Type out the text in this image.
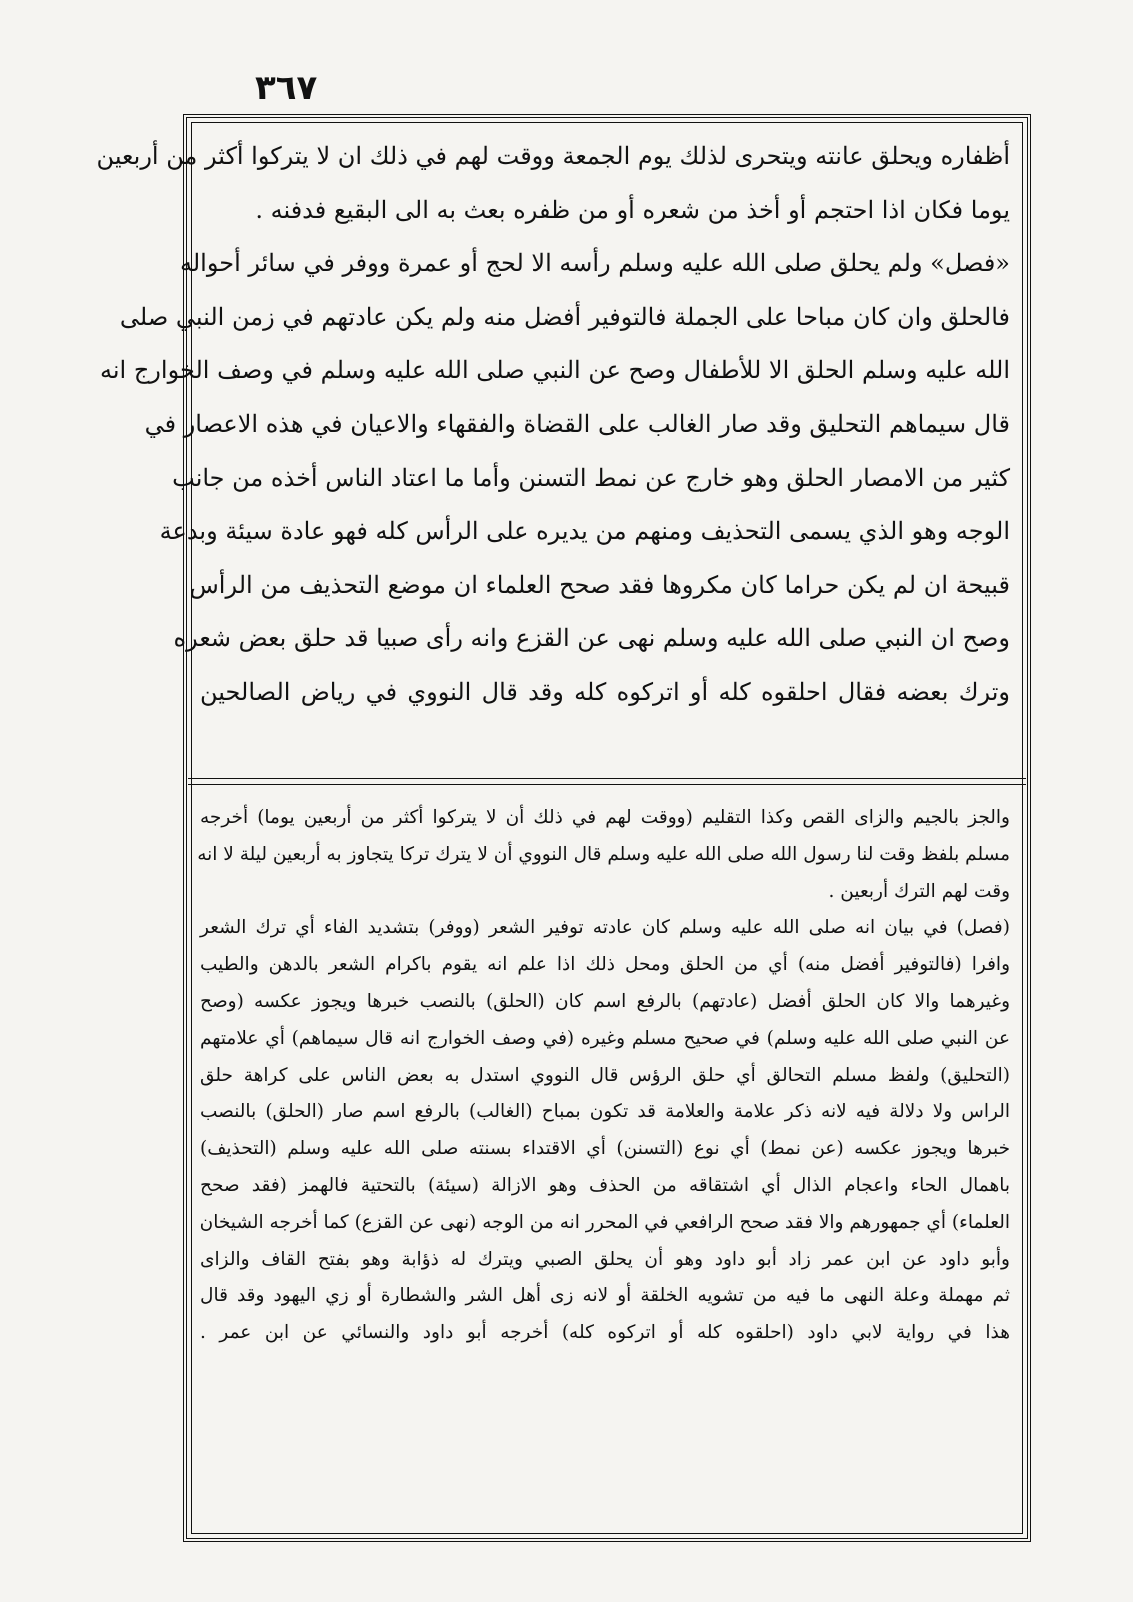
٣٦٧
أظفاره ويحلق عانته ويتحرى لذلك يوم الجمعة ووقت لهم في ذلك ان لا يتركوا أكثر من أربعين
يوما فكان اذا احتجم أو أخذ من شعره أو من ظفره بعث به الى البقيع فدفنه .
«فصل» ولم يحلق صلى الله عليه وسلم رأسه الا لحج أو عمرة ووفر في سائر أحواله
فالحلق وان كان مباحا على الجملة فالتوفير أفضل منه ولم يكن عادتهم في زمن النبي صلى
الله عليه وسلم الحلق الا للأطفال وصح عن النبي صلى الله عليه وسلم في وصف الخوارج انه
قال سيماهم التحليق وقد صار الغالب على القضاة والفقهاء والاعيان في هذه الاعصار في
كثير من الامصار الحلق وهو خارج عن نمط التسنن وأما ما اعتاد الناس أخذه من جانب
الوجه وهو الذي يسمى التحذيف ومنهم من يديره على الرأس كله فهو عادة سيئة وبدعة
قبيحة ان لم يكن حراما كان مكروها فقد صحح العلماء ان موضع التحذيف من الرأس
وصح ان النبي صلى الله عليه وسلم نهى عن القزع وانه رأى صبيا قد حلق بعض شعره
وترك بعضه فقال احلقوه كله أو اتركوه كله وقد قال النووي في رياض الصالحين
والجز بالجيم والزاى القص وكذا التقليم (ووقت لهم في ذلك أن لا يتركوا أكثر من أربعين يوما) أخرجه
مسلم بلفظ وقت لنا رسول الله صلى الله عليه وسلم قال النووي أن لا يترك تركا يتجاوز به أربعين ليلة لا انه
وقت لهم الترك أربعين .
(فصل) في بيان انه صلى الله عليه وسلم كان عادته توفير الشعر (ووفر) بتشديد الفاء أي ترك الشعر
وافرا (فالتوفير أفضل منه) أي من الحلق ومحل ذلك اذا علم انه يقوم باكرام الشعر بالدهن والطيب
وغيرهما والا كان الحلق أفضل (عادتهم) بالرفع اسم كان (الحلق) بالنصب خبرها ويجوز عكسه (وصح
عن النبي صلى الله عليه وسلم) في صحيح مسلم وغيره (في وصف الخوارج انه قال سيماهم) أي علامتهم
(التحليق) ولفظ مسلم التحالق أي حلق الرؤس قال النووي استدل به بعض الناس على كراهة حلق
الراس ولا دلالة فيه لانه ذكر علامة والعلامة قد تكون بمباح (الغالب) بالرفع اسم صار (الحلق) بالنصب
خبرها ويجوز عكسه (عن نمط) أي نوع (التسنن) أي الاقتداء بسنته صلى الله عليه وسلم (التحذيف)
باهمال الحاء واعجام الذال أي اشتقاقه من الحذف وهو الازالة (سيئة) بالتحتية فالهمز (فقد صحح
العلماء) أي جمهورهم والا فقد صحح الرافعي في المحرر انه من الوجه (نهى عن القزع) كما أخرجه الشيخان
وأبو داود عن ابن عمر زاد أبو داود وهو أن يحلق الصبي ويترك له ذؤابة وهو بفتح القاف والزاى
ثم مهملة وعلة النهى ما فيه من تشويه الخلقة أو لانه زى أهل الشر والشطارة أو زي اليهود وقد قال
هذا في رواية لابي داود (احلقوه كله أو اتركوه كله) أخرجه أبو داود والنسائي عن ابن عمر .
